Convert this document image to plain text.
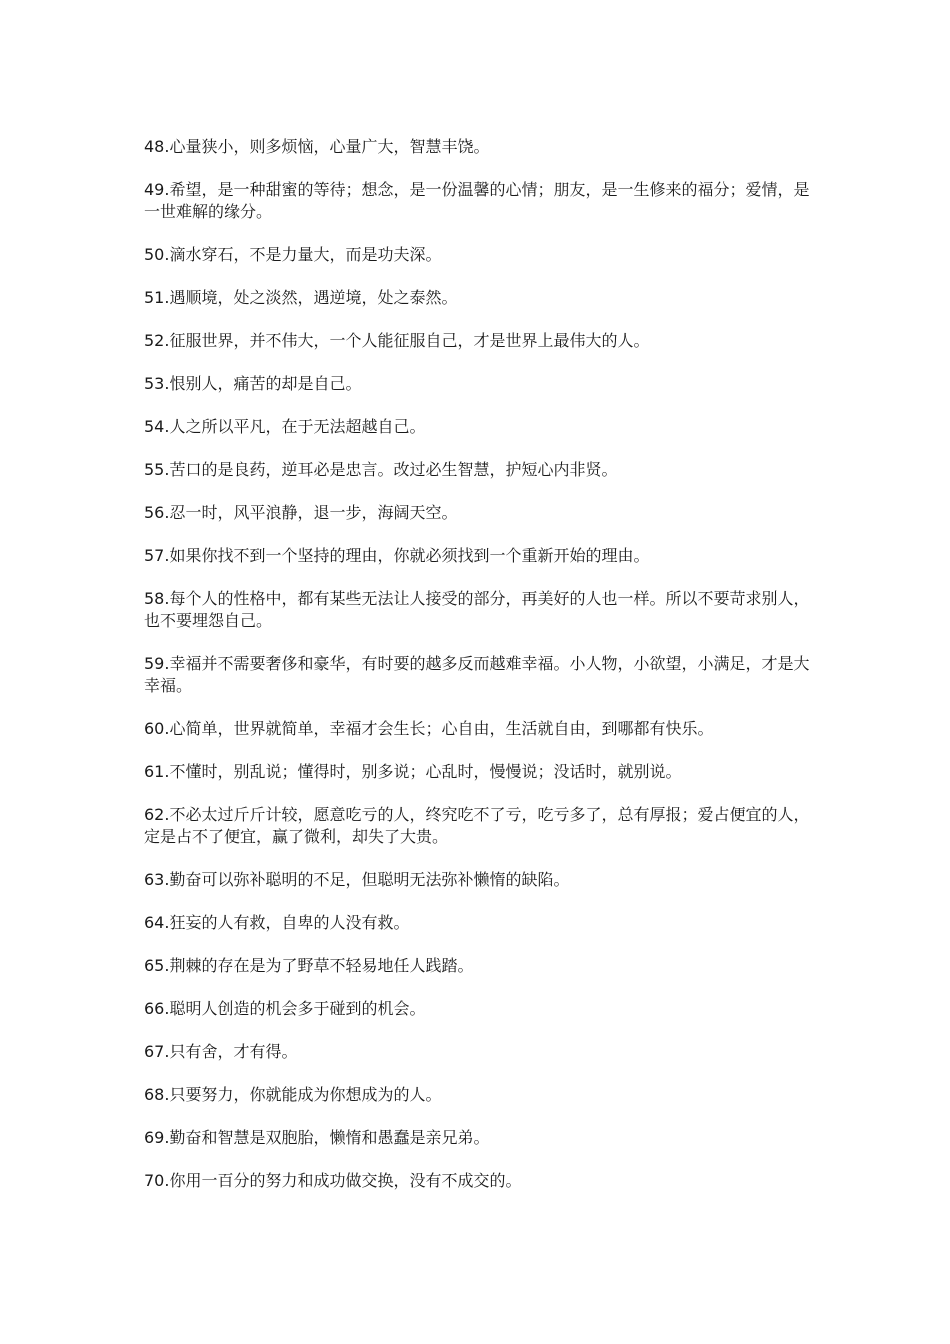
48.心量狭小，则多烦恼，心量广大，智慧丰饶。

49.希望，是一种甜蜜的等待；想念，是一份温馨的心情；朋友，是一生修来的福分；爱情，是一世难解的缘分。

50.滴水穿石，不是力量大，而是功夫深。

51.遇顺境，处之淡然，遇逆境，处之泰然。

52.征服世界，并不伟大，一个人能征服自己，才是世界上最伟大的人。

53.恨别人，痛苦的却是自己。

54.人之所以平凡，在于无法超越自己。

55.苦口的是良药，逆耳必是忠言。改过必生智慧，护短心内非贤。

56.忍一时，风平浪静，退一步，海阔天空。

57.如果你找不到一个坚持的理由，你就必须找到一个重新开始的理由。

58.每个人的性格中，都有某些无法让人接受的部分，再美好的人也一样。所以不要苛求别人，也不要埋怨自己。

59.幸福并不需要奢侈和豪华，有时要的越多反而越难幸福。小人物，小欲望，小满足，才是大幸福。

60.心简单，世界就简单，幸福才会生长；心自由，生活就自由，到哪都有快乐。

61.不懂时，别乱说；懂得时，别多说；心乱时，慢慢说；没话时，就别说。

62.不必太过斤斤计较，愿意吃亏的人，终究吃不了亏，吃亏多了，总有厚报；爱占便宜的人，定是占不了便宜，赢了微利，却失了大贵。

63.勤奋可以弥补聪明的不足，但聪明无法弥补懒惰的缺陷。

64.狂妄的人有救，自卑的人没有救。

65.荆棘的存在是为了野草不轻易地任人践踏。

66.聪明人创造的机会多于碰到的机会。

67.只有舍，才有得。

68.只要努力，你就能成为你想成为的人。

69.勤奋和智慧是双胞胎，懒惰和愚蠢是亲兄弟。

70.你用一百分的努力和成功做交换，没有不成交的。
